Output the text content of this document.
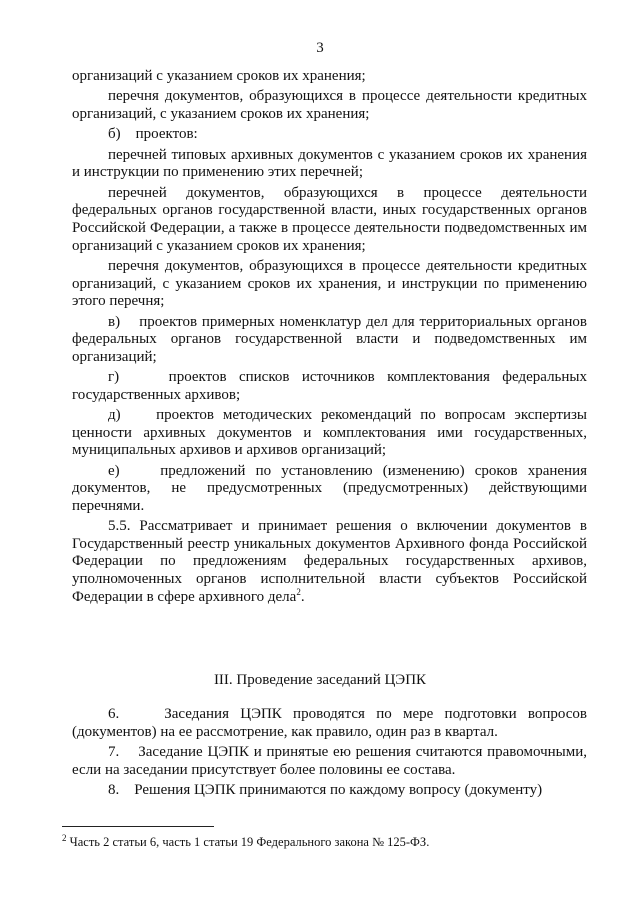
3

организаций с указанием сроков их хранения;

перечня документов, образующихся в процессе деятельности кредитных организаций, с указанием сроков их хранения;

б)    проектов:

перечней типовых архивных документов с указанием сроков их хранения и инструкции по применению этих перечней;

перечней документов, образующихся в процессе деятельности федеральных органов государственной власти, иных государственных органов Российской Федерации, а также в процессе деятельности подведомственных им организаций с указанием сроков их хранения;

перечня документов, образующихся в процессе деятельности кредитных организаций, с указанием сроков их хранения, и инструкции по применению этого перечня;

в)    проектов примерных номенклатур дел для территориальных органов федеральных органов государственной власти и подведомственных им организаций;

г)    проектов списков источников комплектования федеральных государственных архивов;

д)    проектов методических рекомендаций по вопросам экспертизы ценности архивных документов и комплектования ими государственных, муниципальных архивов и архивов организаций;

е)    предложений по установлению (изменению) сроков хранения документов, не предусмотренных (предусмотренных) действующими перечнями.

5.5. Рассматривает и принимает решения о включении документов в Государственный реестр уникальных документов Архивного фонда Российской Федерации по предложениям федеральных государственных архивов, уполномоченных органов исполнительной власти субъектов Российской Федерации в сфере архивного дела$^2$.

III. Проведение заседаний ЦЭПК

6.    Заседания ЦЭПК проводятся по мере подготовки вопросов (документов) на ее рассмотрение, как правило, один раз в квартал.

7.    Заседание ЦЭПК и принятые ею решения считаются правомочными, если на заседании присутствует более половины ее состава.

8.    Решения ЦЭПК принимаются по каждому вопросу (документу)

$^2$ Часть 2 статьи 6, часть 1 статьи 19 Федерального закона № 125-ФЗ.
